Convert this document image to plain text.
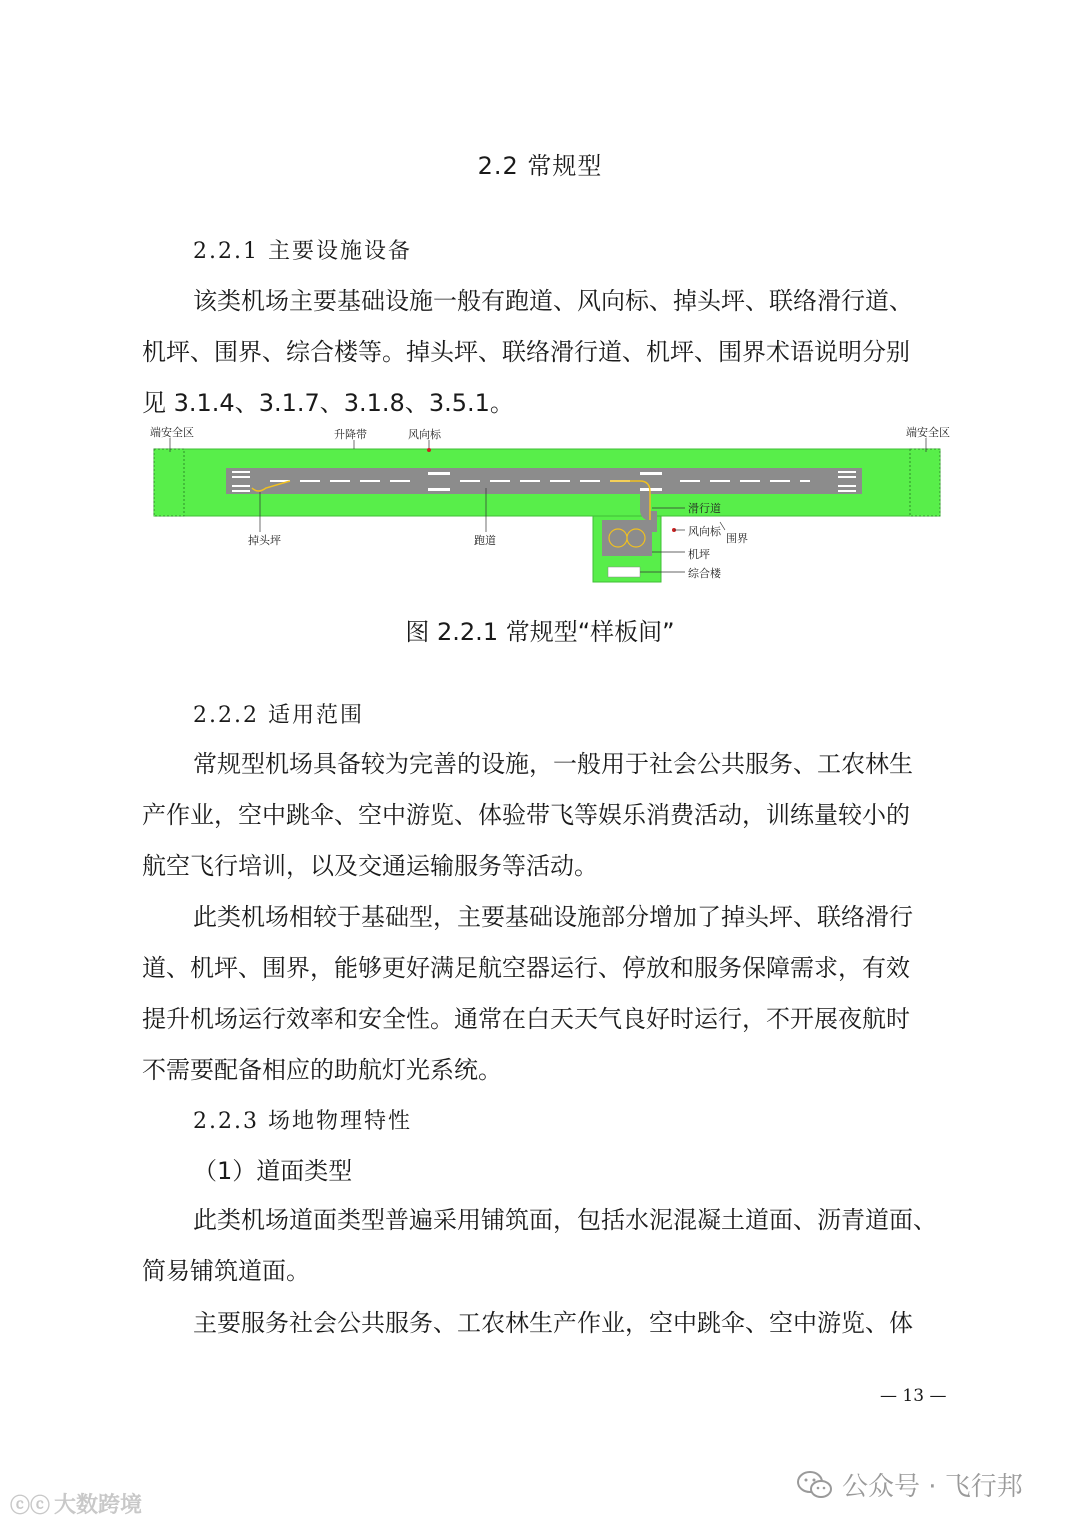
2.2 常规型
2.2.1 主要设施设备
该类机场主要基础设施一般有跑道、风向标、掉头坪、联络滑行道、
机坪、围界、综合楼等。掉头坪、联络滑行道、机坪、围界术语说明分别
见 3.1.4、3.1.7、3.1.8、3.5.1。
端安全区	升降带	风向标	端安全区
掉头坪	跑道
滑行道
风向标
围界
机坪
综合楼
图 2.2.1 常规型“样板间”
2.2.2 适用范围
常规型机场具备较为完善的设施，一般用于社会公共服务、工农林生
产作业，空中跳伞、空中游览、体验带飞等娱乐消费活动，训练量较小的
航空飞行培训，以及交通运输服务等活动。
此类机场相较于基础型，主要基础设施部分增加了掉头坪、联络滑行
道、机坪、围界，能够更好满足航空器运行、停放和服务保障需求，有效
提升机场运行效率和安全性。通常在白天天气良好时运行，不开展夜航时
不需要配备相应的助航灯光系统。
2.2.3 场地物理特性
（1）道面类型
此类机场道面类型普遍采用铺筑面，包括水泥混凝土道面、沥青道面、
简易铺筑道面。
主要服务社会公共服务、工农林生产作业，空中跳伞、空中游览、体
— 13 —
ⓒⓒ 大数跨境
公众号 · 飞行邦
